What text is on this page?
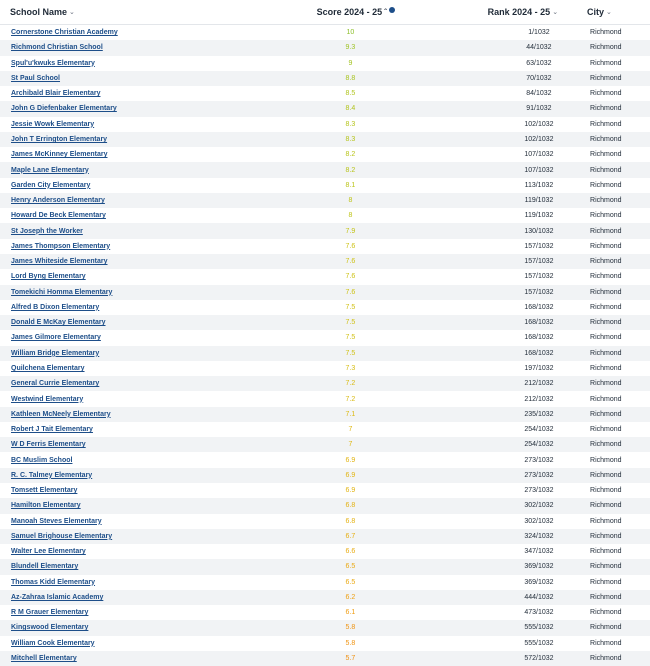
School Name ⌄	Score 2024 - 25 ˆ	Rank 2024 - 25 ⌄	City ⌄
Cornerstone Christian Academy	10	1/1032	Richmond
Richmond Christian School	9.3	44/1032	Richmond
Spul'u'kwuks Elementary	9	63/1032	Richmond
St Paul School	8.8	70/1032	Richmond
Archibald Blair Elementary	8.5	84/1032	Richmond
John G Diefenbaker Elementary	8.4	91/1032	Richmond
Jessie Wowk Elementary	8.3	102/1032	Richmond
John T Errington Elementary	8.3	102/1032	Richmond
James McKinney Elementary	8.2	107/1032	Richmond
Maple Lane Elementary	8.2	107/1032	Richmond
Garden City Elementary	8.1	113/1032	Richmond
Henry Anderson Elementary	8	119/1032	Richmond
Howard De Beck Elementary	8	119/1032	Richmond
St Joseph the Worker	7.9	130/1032	Richmond
James Thompson Elementary	7.6	157/1032	Richmond
James Whiteside Elementary	7.6	157/1032	Richmond
Lord Byng Elementary	7.6	157/1032	Richmond
Tomekichi Homma Elementary	7.6	157/1032	Richmond
Alfred B Dixon Elementary	7.5	168/1032	Richmond
Donald E McKay Elementary	7.5	168/1032	Richmond
James Gilmore Elementary	7.5	168/1032	Richmond
William Bridge Elementary	7.5	168/1032	Richmond
Quilchena Elementary	7.3	197/1032	Richmond
General Currie Elementary	7.2	212/1032	Richmond
Westwind Elementary	7.2	212/1032	Richmond
Kathleen McNeely Elementary	7.1	235/1032	Richmond
Robert J Tait Elementary	7	254/1032	Richmond
W D Ferris Elementary	7	254/1032	Richmond
BC Muslim School	6.9	273/1032	Richmond
R. C. Talmey Elementary	6.9	273/1032	Richmond
Tomsett Elementary	6.9	273/1032	Richmond
Hamilton Elementary	6.8	302/1032	Richmond
Manoah Steves Elementary	6.8	302/1032	Richmond
Samuel Brighouse Elementary	6.7	324/1032	Richmond
Walter Lee Elementary	6.6	347/1032	Richmond
Blundell Elementary	6.5	369/1032	Richmond
Thomas Kidd Elementary	6.5	369/1032	Richmond
Az-Zahraa Islamic Academy	6.2	444/1032	Richmond
R M Grauer Elementary	6.1	473/1032	Richmond
Kingswood Elementary	5.8	555/1032	Richmond
William Cook Elementary	5.8	555/1032	Richmond
Mitchell Elementary	5.7	572/1032	Richmond
